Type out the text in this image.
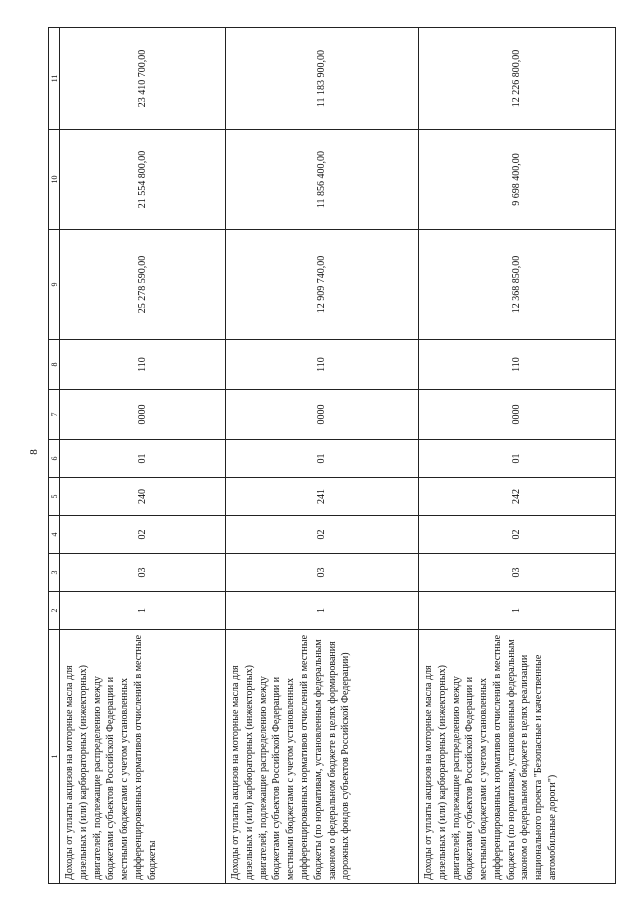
8
1	2	3	4	5	6	7	8	9	10	11
Доходы от уплаты акцизов на моторные масла для дизельных и (или) карбюраторных (инжекторных) двигателей, подлежащие распределению между бюджетами субъектов Российской Федерации и местными бюджетами с учетом установленных дифференцированных нормативов отчислений в местные бюджеты	1	03	02	240	01	0000	110	25 278 590,00	21 554 800,00	23 410 700,00
Доходы от уплаты акцизов на моторные масла для дизельных и (или) карбюраторных (инжекторных) двигателей, подлежащие распределению между бюджетами субъектов Российской Федерации и местными бюджетами с учетом установленных дифференцированных нормативов отчислений в местные бюджеты (по нормативам, установленным федеральным законом о федеральном бюджете в целях формирования дорожных фондов субъектов Российской Федерации)	1	03	02	241	01	0000	110	12 909 740,00	11 856 400,00	11 183 900,00
Доходы от уплаты акцизов на моторные масла для дизельных и (или) карбюраторных (инжекторных) двигателей, подлежащие распределению между бюджетами субъектов Российской Федерации и местными бюджетами с учетом установленных дифференцированных нормативов отчислений в местные бюджеты (по нормативам, установленным федеральным законом о федеральном бюджете в целях реализации национального проекта "Безопасные и качественные автомобильные дороги")	1	03	02	242	01	0000	110	12 368 850,00	9 698 400,00	12 226 800,00
